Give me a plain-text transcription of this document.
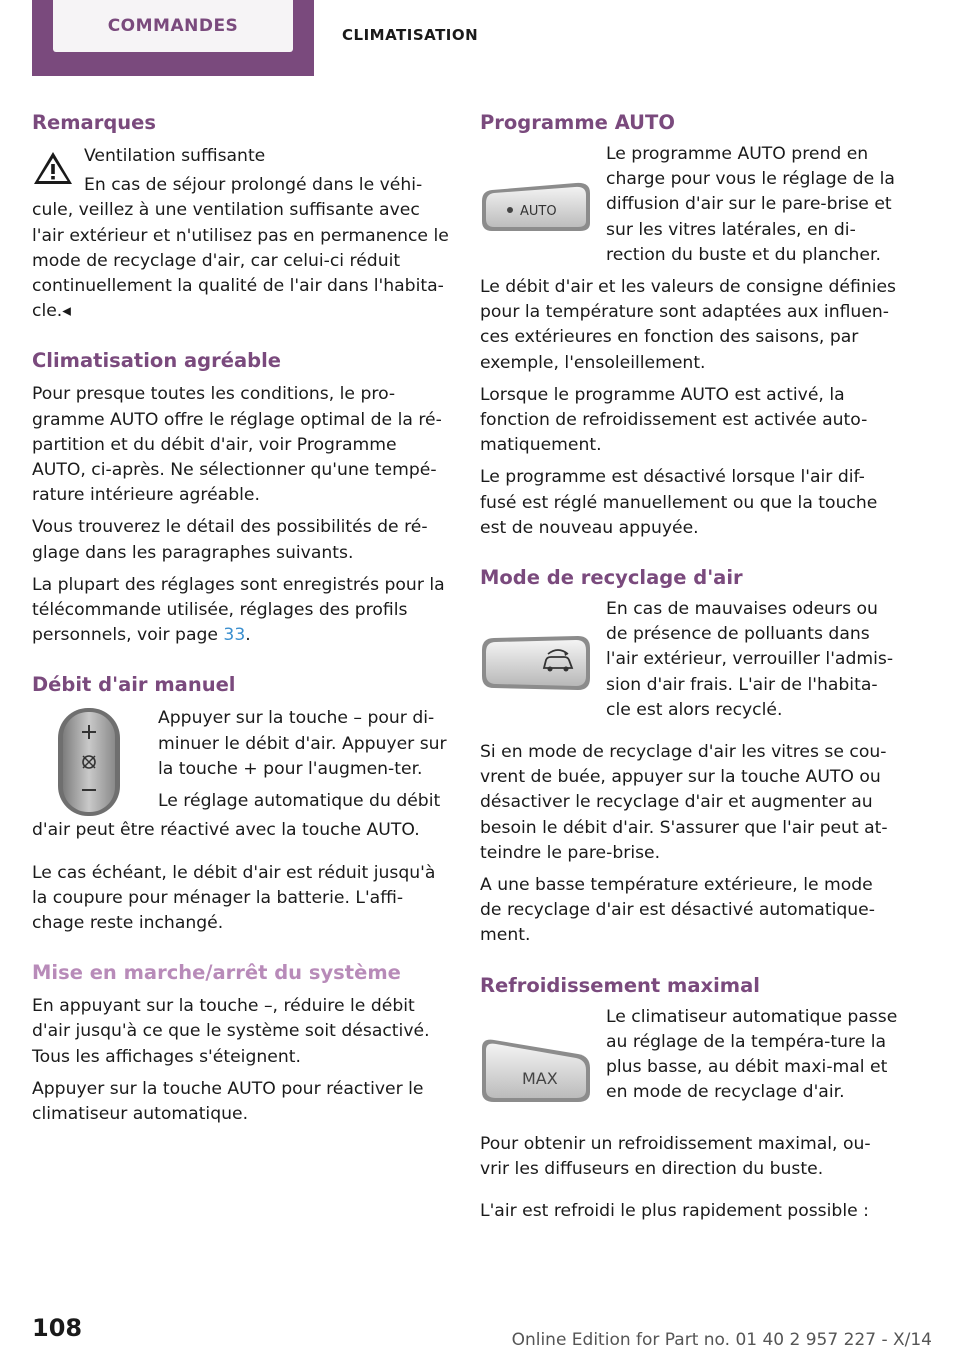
COMMANDES	CLIMATISATION
Remarques

Ventilation suffisante

En cas de séjour prolongé dans le véhi-

cule, veillez à une ventilation suffisante avec l'air extérieur et n'utilisez pas en permanence le mode de recyclage d'air, car celui-ci réduit continuellement la qualité de l'air dans l'habita-cle.◂

Climatisation agréable

Pour presque toutes les conditions, le pro-gramme AUTO offre le réglage optimal de la ré-partition et du débit d'air, voir Programme AUTO, ci-après. Ne sélectionner qu'une tempé-rature intérieure agréable.

Vous trouverez le détail des possibilités de ré-glage dans les paragraphes suivants.

La plupart des réglages sont enregistrés pour la télécommande utilisée, réglages des profils personnels, voir page 33.

Débit d'air manuel

Appuyer sur la touche – pour di-minuer le débit d'air. Appuyer sur la touche + pour l'augmen-ter.

Le réglage automatique du débit

d'air peut être réactivé avec la touche AUTO.

Le cas échéant, le débit d'air est réduit jusqu'à la coupure pour ménager la batterie. L'affi-chage reste inchangé.

Mise en marche/arrêt du système

En appuyant sur la touche –, réduire le débit d'air jusqu'à ce que le système soit désactivé. Tous les affichages s'éteignent.

Appuyer sur la touche AUTO pour réactiver le climatiseur automatique.

Programme AUTO
AUTO

Le programme AUTO prend en charge pour vous le réglage de la diffusion d'air sur le pare-brise et sur les vitres latérales, en di-rection du buste et du plancher.

Le débit d'air et les valeurs de consigne définies pour la température sont adaptées aux influen-ces extérieures en fonction des saisons, par exemple, l'ensoleillement.

Lorsque le programme AUTO est activé, la fonction de refroidissement est activée auto-matiquement.

Le programme est désactivé lorsque l'air dif-fusé est réglé manuellement ou que la touche est de nouveau appuyée.

Mode de recyclage d'air

En cas de mauvaises odeurs ou de présence de polluants dans l'air extérieur, verrouiller l'admis-sion d'air frais. L'air de l'habita-cle est alors recyclé.

Si en mode de recyclage d'air les vitres se cou-vrent de buée, appuyer sur la touche AUTO ou désactiver le recyclage d'air et augmenter au besoin le débit d'air. S'assurer que l'air peut at-teindre le pare-brise.

A une basse température extérieure, le mode de recyclage d'air est désactivé automatique-ment.

Refroidissement maximal
MAX

Le climatiseur automatique passe au réglage de la tempéra-ture la plus basse, au débit maxi-mal et en mode de recyclage d'air.

Pour obtenir un refroidissement maximal, ou-vrir les diffuseurs en direction du buste.

L'air est refroidi le plus rapidement possible :

108	Online Edition for Part no. 01 40 2 957 227 - X/14
